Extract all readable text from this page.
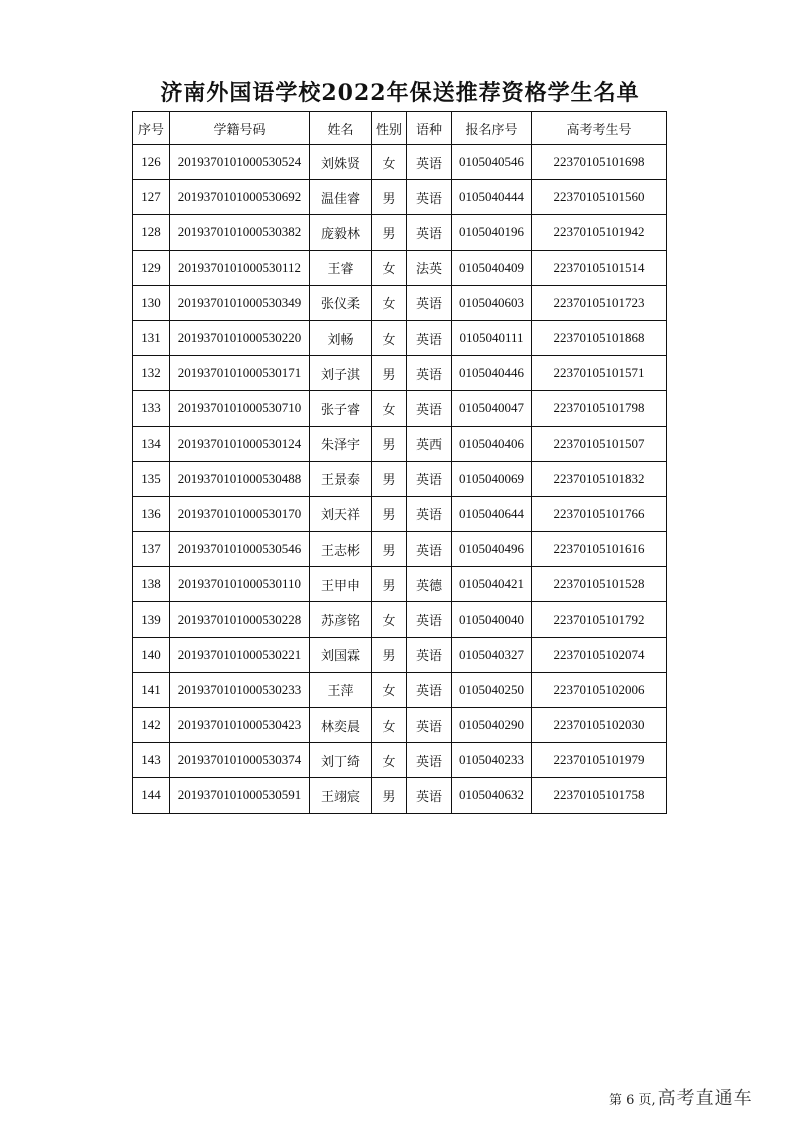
济南外国语学校2022年保送推荐资格学生名单
序号	学籍号码	姓名	性别	语种	报名序号	高考考生号
126	2019370101000530524	刘姝贤	女	英语	0105040546	22370105101698
127	2019370101000530692	温佳睿	男	英语	0105040444	22370105101560
128	2019370101000530382	庞毅林	男	英语	0105040196	22370105101942
129	2019370101000530112	王睿	女	法英	0105040409	22370105101514
130	2019370101000530349	张仪柔	女	英语	0105040603	22370105101723
131	2019370101000530220	刘畅	女	英语	0105040111	22370105101868
132	2019370101000530171	刘子淇	男	英语	0105040446	22370105101571
133	2019370101000530710	张子睿	女	英语	0105040047	22370105101798
134	2019370101000530124	朱泽宇	男	英西	0105040406	22370105101507
135	2019370101000530488	王景泰	男	英语	0105040069	22370105101832
136	2019370101000530170	刘天祥	男	英语	0105040644	22370105101766
137	2019370101000530546	王志彬	男	英语	0105040496	22370105101616
138	2019370101000530110	王甲申	男	英德	0105040421	22370105101528
139	2019370101000530228	苏彦铭	女	英语	0105040040	22370105101792
140	2019370101000530221	刘国霖	男	英语	0105040327	22370105102074
141	2019370101000530233	王萍	女	英语	0105040250	22370105102006
142	2019370101000530423	林奕晨	女	英语	0105040290	22370105102030
143	2019370101000530374	刘丁绮	女	英语	0105040233	22370105101979
144	2019370101000530591	王翊宸	男	英语	0105040632	22370105101758
第 6 页, 高考直通车
